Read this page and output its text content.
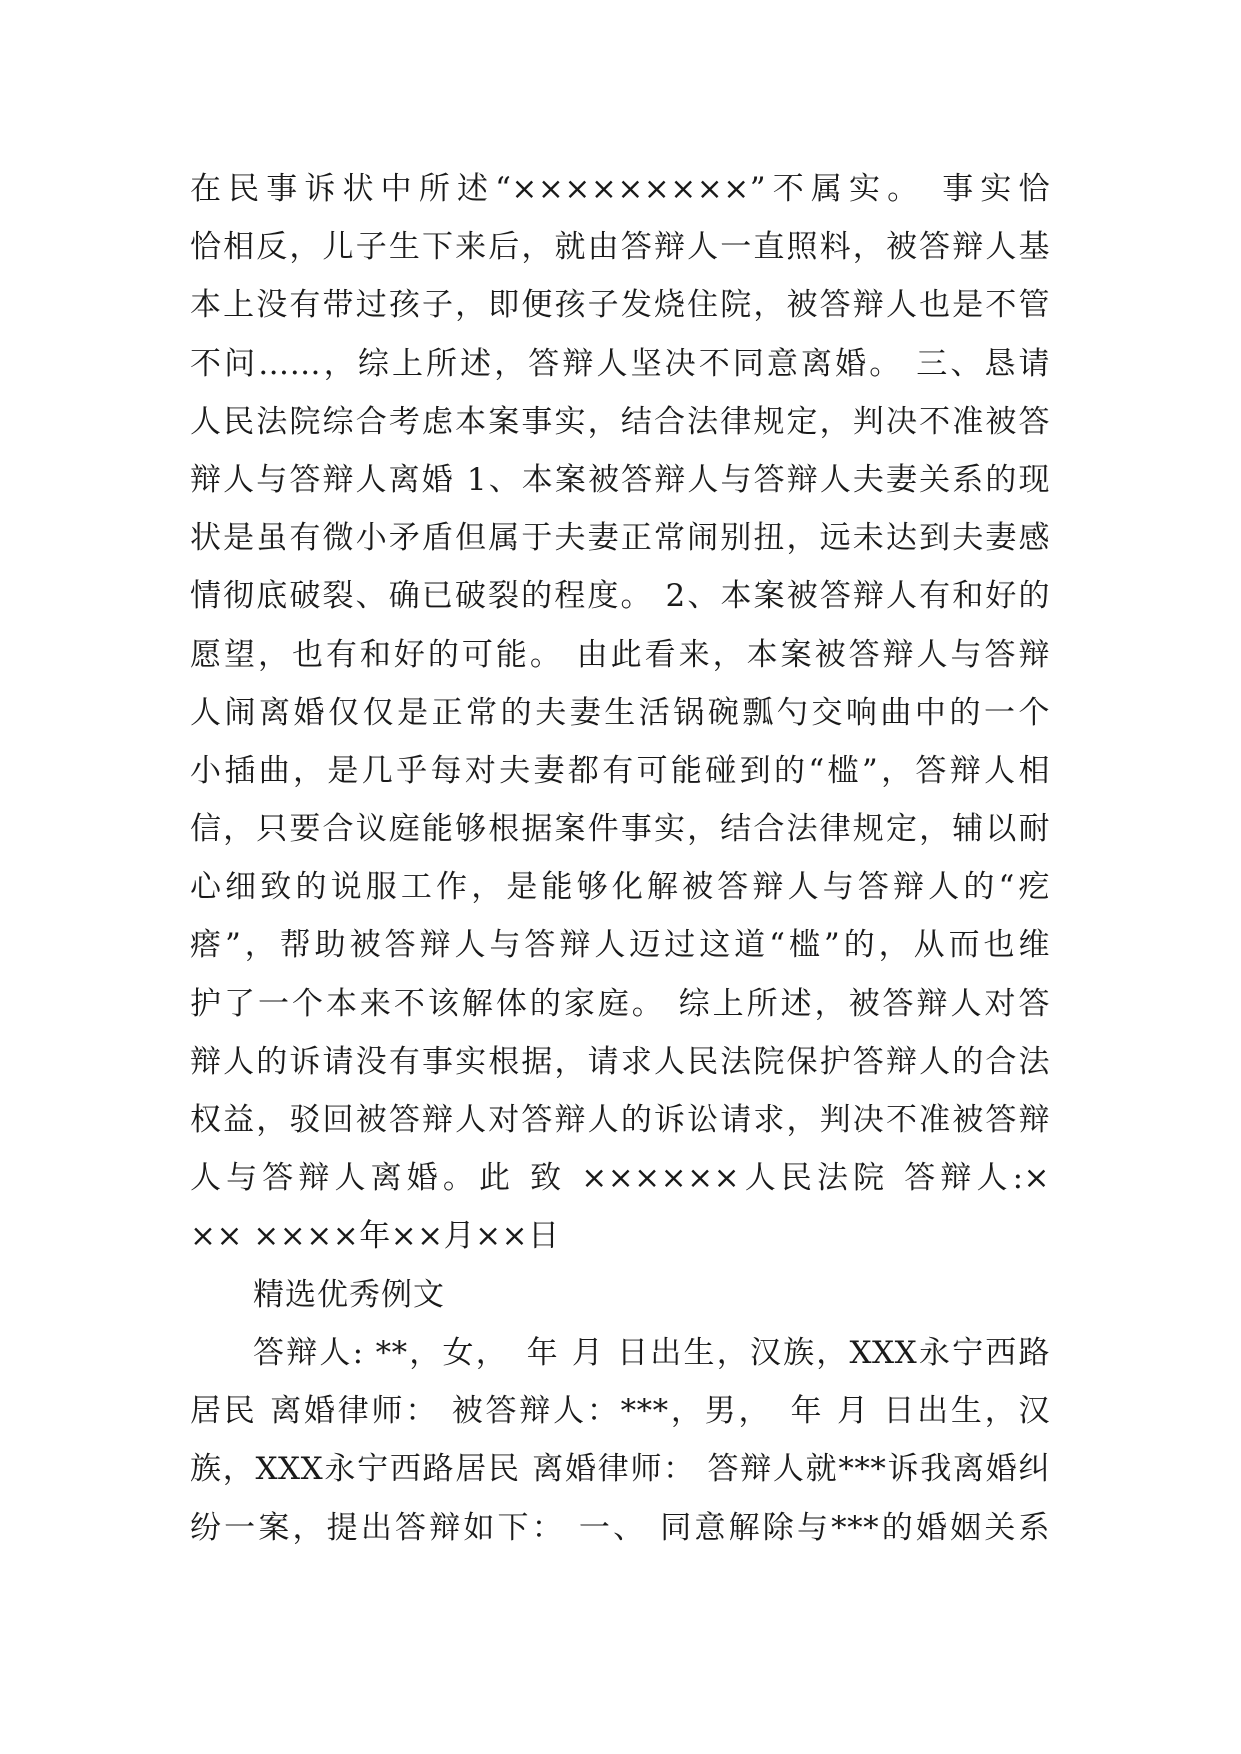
在民事诉状中所述“×××××××××”不属实。 事实恰
恰相反，儿子生下来后，就由答辩人一直照料，被答辩人基
本上没有带过孩子，即便孩子发烧住院，被答辩人也是不管
不问……，综上所述，答辩人坚决不同意离婚。 三、恳请
人民法院综合考虑本案事实，结合法律规定，判决不准被答
辩人与答辩人离婚 1、本案被答辩人与答辩人夫妻关系的现
状是虽有微小矛盾但属于夫妻正常闹别扭，远未达到夫妻感
情彻底破裂、确已破裂的程度。 2、本案被答辩人有和好的
愿望，也有和好的可能。 由此看来，本案被答辩人与答辩
人闹离婚仅仅是正常的夫妻生活锅碗瓢勺交响曲中的一个
小插曲，是几乎每对夫妻都有可能碰到的“槛”，答辩人相
信，只要合议庭能够根据案件事实，结合法律规定，辅以耐
心细致的说服工作，是能够化解被答辩人与答辩人的“疙
瘩”，帮助被答辩人与答辩人迈过这道“槛”的，从而也维
护了一个本来不该解体的家庭。 综上所述，被答辩人对答
辩人的诉请没有事实根据，请求人民法院保护答辩人的合法
权益，驳回被答辩人对答辩人的诉讼请求，判决不准被答辩
人与答辩人离婚。此 致 ××××××人民法院 答辩人:×
×× ××××年××月××日
精选优秀例文
答辩人: **，女，　年 月 日出生，汉族，XXX永宁西路
居民 离婚律师： 被答辩人：***，男，　年 月 日出生，汉
族，XXX永宁西路居民 离婚律师： 答辩人就***诉我离婚纠
纷一案，提出答辩如下： 一、 同意解除与***的婚姻关系
